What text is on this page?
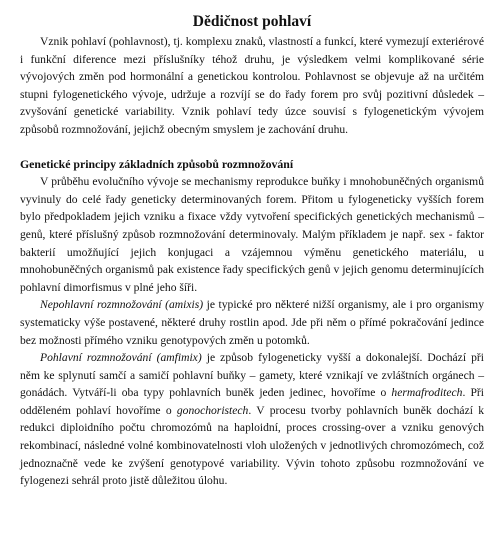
Dědičnost pohlaví

Vznik pohlaví (pohlavnost), tj. komplexu znaků, vlastností a funkcí, které vymezují exteriérové i funkční diference mezi příslušníky téhož druhu, je výsledkem velmi komplikované série vývojových změn pod hormonální a genetickou kontrolou. Pohlavnost se objevuje až na určitém stupni fylogenetického vývoje, udržuje a rozvíjí se do řady forem pro svůj pozitivní důsledek – zvyšování genetické variability. Vznik pohlaví tedy úzce souvisí s fylogenetickým vývojem způsobů rozmnožování, jejichž obecným smyslem je zachování druhu.

Genetické principy základních způsobů rozmnožování

V průběhu evolučního vývoje se mechanismy reprodukce buňky i mnohobuněčných organismů vyvinuly do celé řady geneticky determinovaných forem. Přitom u fylogeneticky vyšších forem bylo předpokladem jejich vzniku a fixace vždy vytvoření specifických genetických mechanismů – genů, které příslušný způsob rozmnožování determinovaly. Malým příkladem je např. sex - faktor bakterií umožňující jejich konjugaci a vzájemnou výměnu genetického materiálu, u mnohobuněčných organismů pak existence řady specifických genů v jejich genomu determinujících pohlavní dimorfismus v plné jeho šíři.

Nepohlavní rozmnožování (amixis) je typické pro některé nižší organismy, ale i pro organismy systematicky výše postavené, některé druhy rostlin apod. Jde při něm o přímé pokračování jedince bez možnosti přímého vzniku genotypových změn u potomků.

Pohlavní rozmnožování (amfimix) je způsob fylogeneticky vyšší a dokonalejší. Dochází při něm ke splynutí samčí a samičí pohlavní buňky – gamety, které vznikají ve zvláštních orgánech – gonádách. Vytváří-li oba typy pohlavních buněk jeden jedinec, hovoříme o hermafroditech. Při odděleném pohlaví hovoříme o gonochoristech. V procesu tvorby pohlavních buněk dochází k redukci diploidního počtu chromozómů na haploidní, proces crossing-over a vzniku genových rekombinací, následné volné kombinovatelnosti vloh uložených v jednotlivých chromozómech, což jednoznačně vede ke zvýšení genotypové variability. Vývin tohoto způsobu rozmnožování ve fylogenezi sehrál proto jistě důležitou úlohu.
